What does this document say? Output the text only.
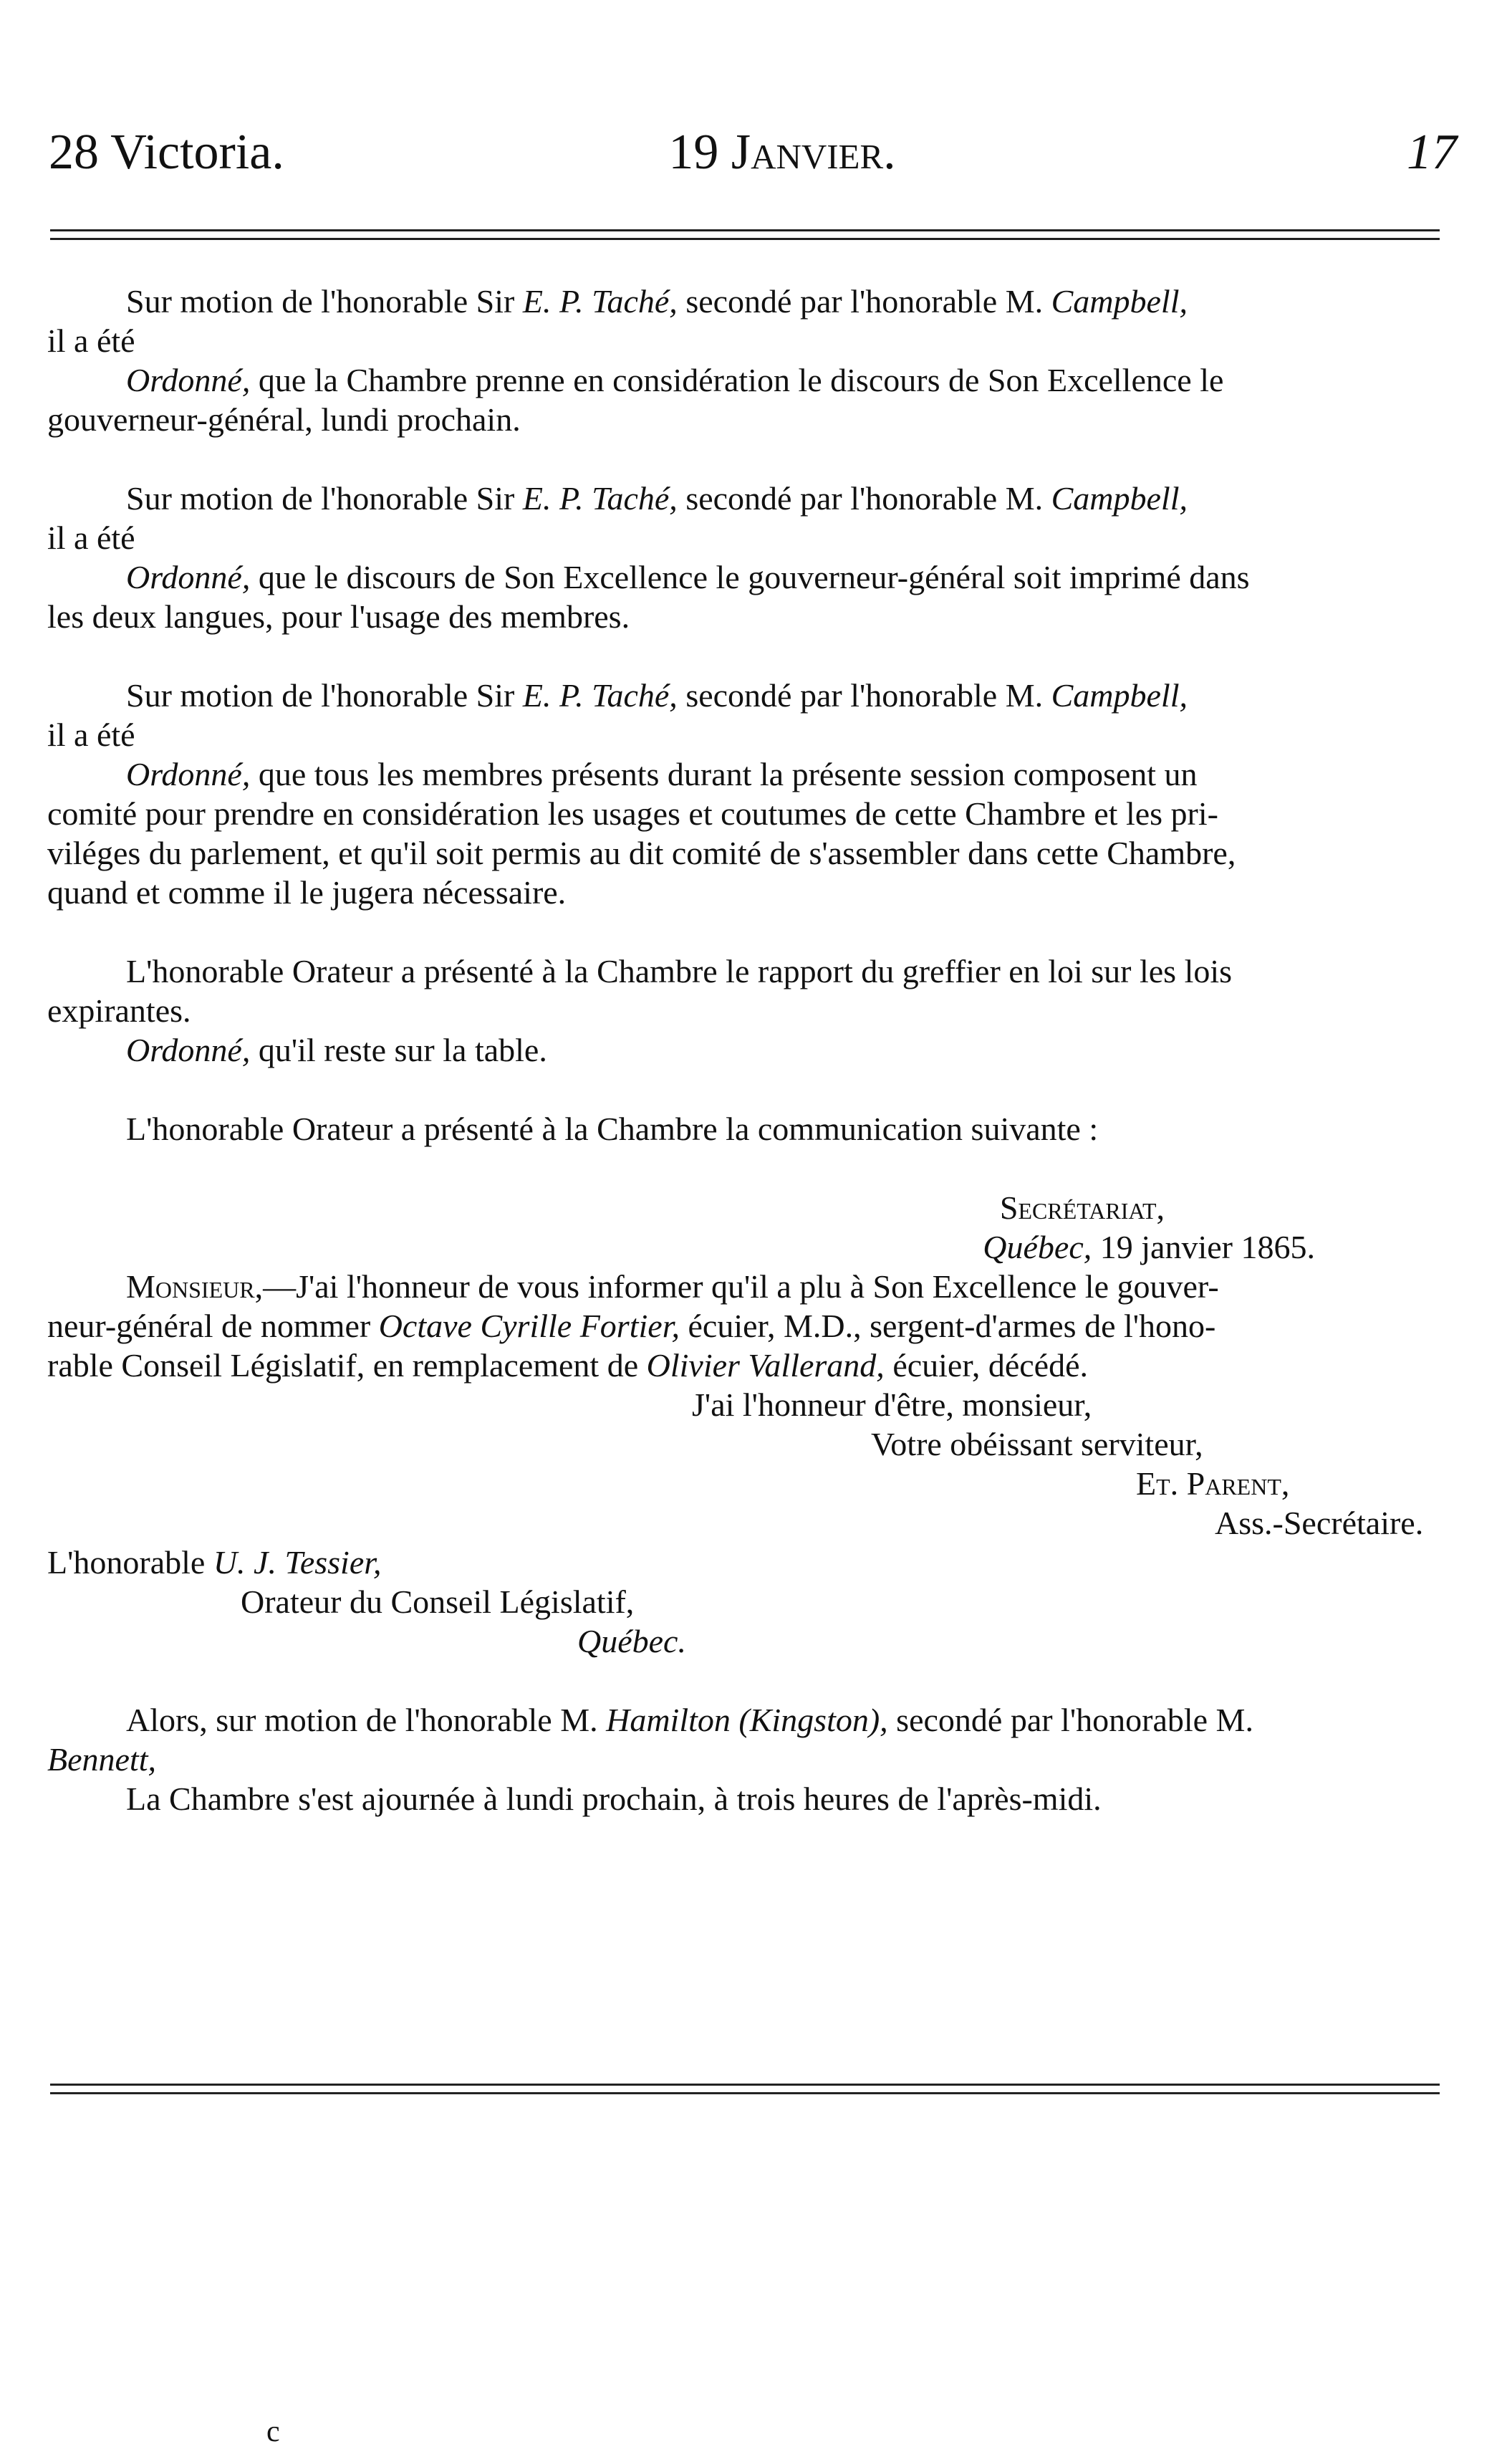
28 Victoria.	19 Janvier.	17

Sur motion de l'honorable Sir E. P. Taché, secondé par l'honorable M. Campbell,

il a été

Ordonné, que la Chambre prenne en considération le discours de Son Excellence le

gouverneur-général, lundi prochain.

Sur motion de l'honorable Sir E. P. Taché, secondé par l'honorable M. Campbell,

il a été

Ordonné, que le discours de Son Excellence le gouverneur-général soit imprimé dans

les deux langues, pour l'usage des membres.

Sur motion de l'honorable Sir E. P. Taché, secondé par l'honorable M. Campbell,

il a été

Ordonné, que tous les membres présents durant la présente session composent un

comité pour prendre en considération les usages et coutumes de cette Chambre et les pri-

viléges du parlement, et qu'il soit permis au dit comité de s'assembler dans cette Chambre,

quand et comme il le jugera nécessaire.

L'honorable Orateur a présenté à la Chambre le rapport du greffier en loi sur les lois

expirantes.

Ordonné, qu'il reste sur la table.

L'honorable Orateur a présenté à la Chambre la communication suivante :

Secrétariat,

Québec, 19 janvier 1865.

Monsieur,—J'ai l'honneur de vous informer qu'il a plu à Son Excellence le gouver-

neur-général de nommer Octave Cyrille Fortier, écuier, M.D., sergent-d'armes de l'hono-

rable Conseil Législatif, en remplacement de Olivier Vallerand, écuier, décédé.

J'ai l'honneur d'être, monsieur,

Votre obéissant serviteur,

Et. Parent,

Ass.-Secrétaire.

L'honorable U. J. Tessier,

Orateur du Conseil Législatif,

Québec.

Alors, sur motion de l'honorable M. Hamilton (Kingston), secondé par l'honorable M.

Bennett,

La Chambre s'est ajournée à lundi prochain, à trois heures de l'après-midi.

c
